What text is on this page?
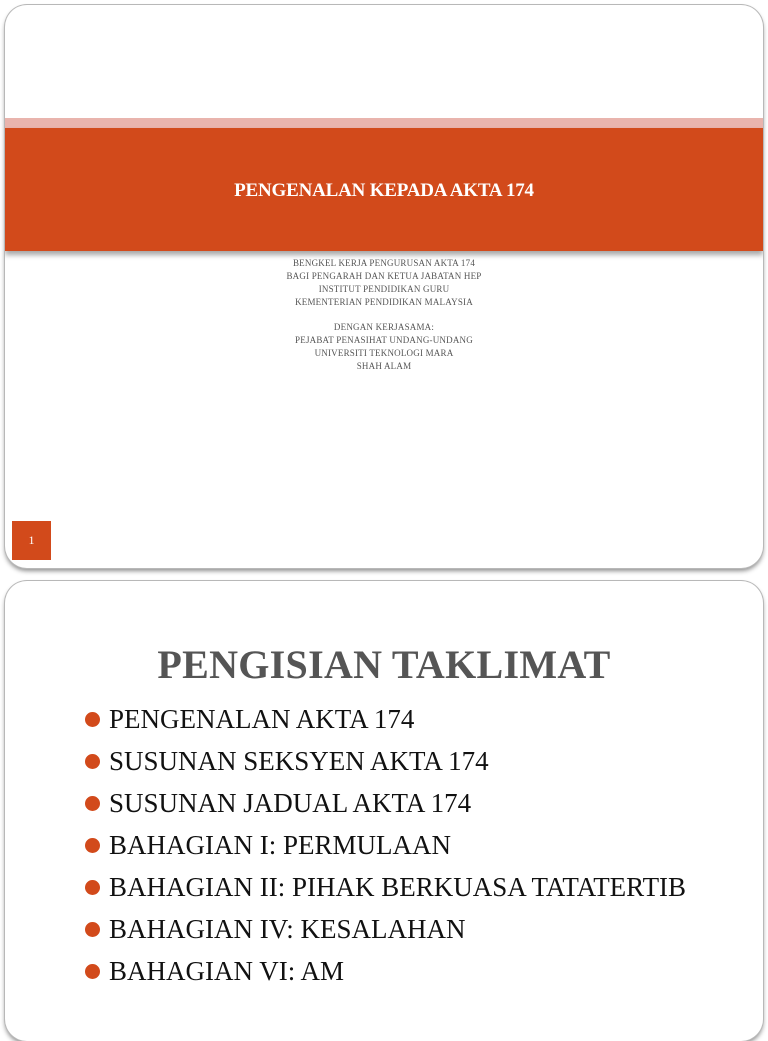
PENGENALAN KEPADA AKTA 174
BENGKEL KERJA PENGURUSAN AKTA 174
BAGI PENGARAH DAN KETUA JABATAN HEP
INSTITUT PENDIDIKAN GURU
KEMENTERIAN PENDIDIKAN MALAYSIA
DENGAN KERJASAMA:
PEJABAT PENASIHAT UNDANG-UNDANG
UNIVERSITI TEKNOLOGI MARA
SHAH ALAM
1
PENGISIAN TAKLIMAT
PENGENALAN AKTA 174
SUSUNAN SEKSYEN AKTA 174
SUSUNAN JADUAL AKTA 174
BAHAGIAN I: PERMULAAN
BAHAGIAN II: PIHAK BERKUASA TATATERTIB
BAHAGIAN IV: KESALAHAN
BAHAGIAN VI: AM
